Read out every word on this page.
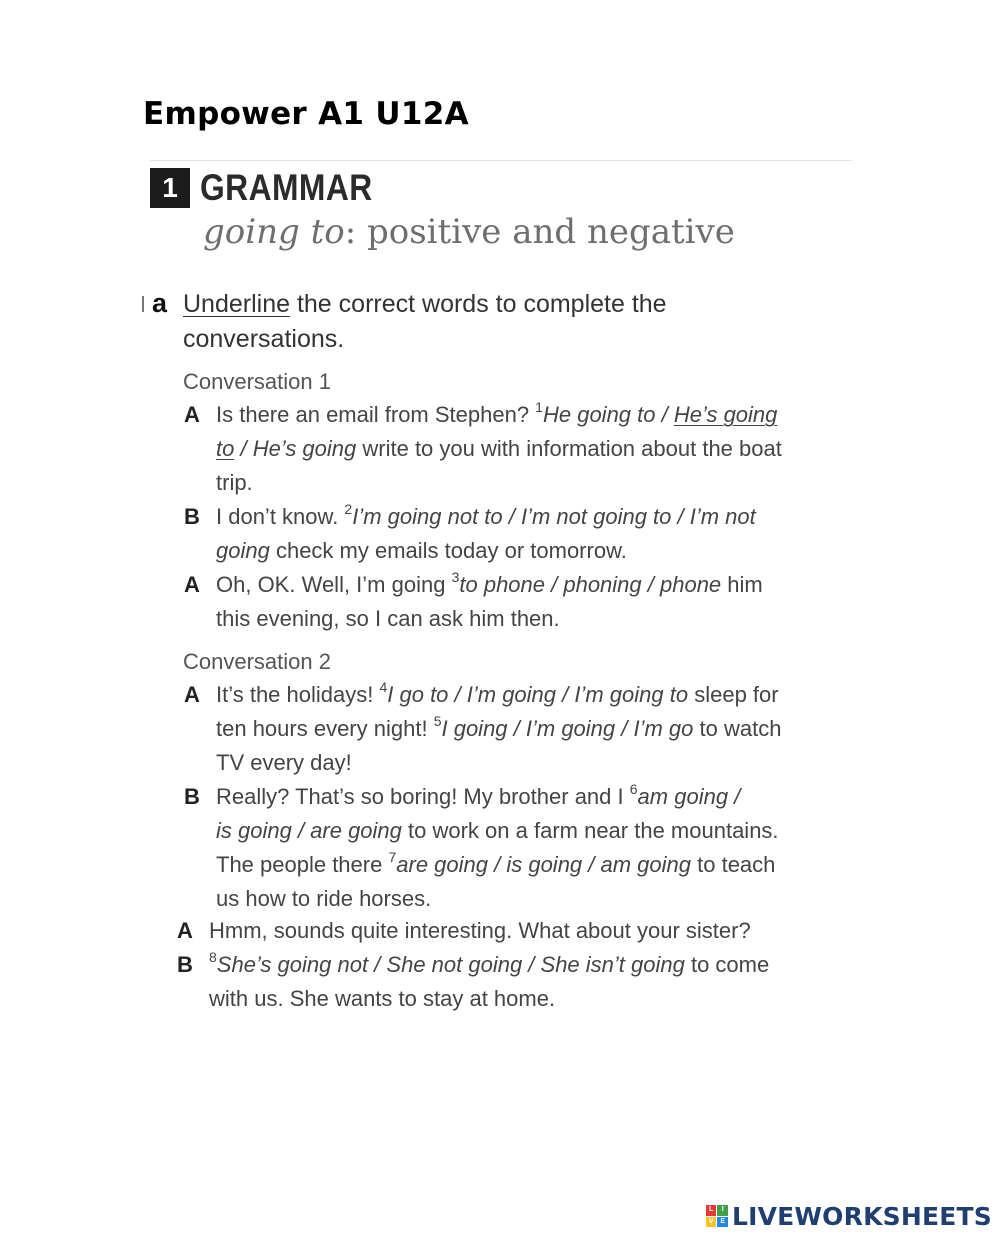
Empower A1 U12A
1 GRAMMAR
going to: positive and negative
a Underline the correct words to complete the
conversations.
Conversation 1
A Is there an email from Stephen? $^1$He going to / He’s going
to / He’s going write to you with information about the boat
trip.
B I don’t know. $^2$I’m going not to / I’m not going to / I’m not
going check my emails today or tomorrow.
A Oh, OK. Well, I’m going $^3$to phone / phoning / phone him
this evening, so I can ask him then.
Conversation 2
A It’s the holidays! $^4$I go to / I’m going / I’m going to sleep for
ten hours every night! $^5$I going / I’m going / I’m go to watch
TV every day!
B Really? That’s so boring! My brother and I $^6$am going /
is going / are going to work on a farm near the mountains.
The people there $^7$are going / is going / am going to teach
us how to ride horses.
A Hmm, sounds quite interesting. What about your sister?
B $^8$She’s going not / She not going / She isn’t going to come
with us. She wants to stay at home.
L	I
V E LIVEWORKSHEETS
